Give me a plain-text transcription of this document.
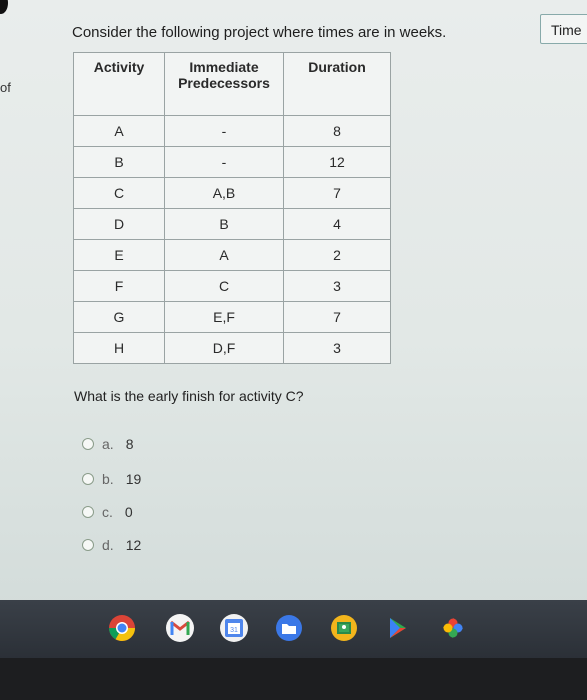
of
Time
Consider the following project where times are in weeks.
Activity	Immediate Predecessors	Duration
A	-	8
B	-	12
C	A,B	7
D	B	4
E	A	2
F	C	3
G	E,F	7
H	D,F	3
What is the early finish for activity C?
a. 8
b. 19
c. 0
d. 12
31
